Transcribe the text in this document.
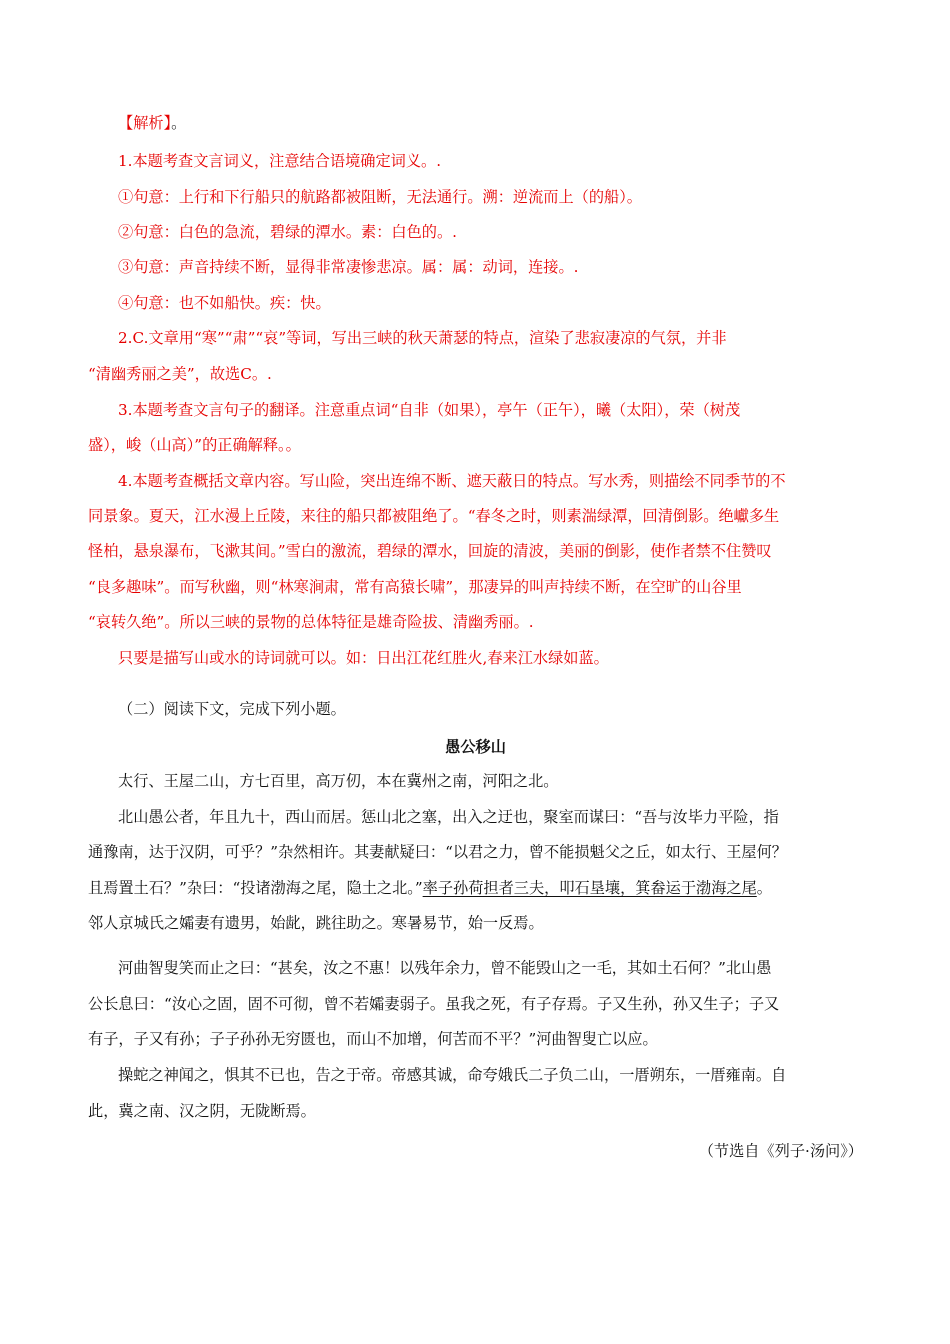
【解析】。
1.本题考查文言词义，注意结合语境确定词义。.
①句意：上行和下行船只的航路都被阻断，无法通行。溯：逆流而上（的船）。
②句意：白色的急流，碧绿的潭水。素：白色的。.
③句意：声音持续不断，显得非常凄惨悲凉。属：属：动词，连接。.
④句意：也不如船快。疾：快。
2.C.文章用“寒”“肃”“哀”等词，写出三峡的秋天萧瑟的特点，渲染了悲寂凄凉的气氛，并非
“清幽秀丽之美”，故选C。.
3.本题考查文言句子的翻译。注意重点词“自非（如果），亭午（正午），曦（太阳），荣（树茂
盛），峻（山高）”的正确解释。。
4.本题考查概括文章内容。写山险，突出连绵不断、遮天蔽日的特点。写水秀，则描绘不同季节的不
同景象。夏天，江水漫上丘陵，来往的船只都被阻绝了。“春冬之时，则素湍绿潭，回清倒影。绝巘多生
怪柏，悬泉瀑布，飞漱其间。”雪白的激流，碧绿的潭水，回旋的清波，美丽的倒影，使作者禁不住赞叹
“良多趣味”。而写秋幽，则“林寒涧肃，常有高猿长啸”，那凄异的叫声持续不断，在空旷的山谷里
“哀转久绝”。所以三峡的景物的总体特征是雄奇险拔、清幽秀丽。.
只要是描写山或水的诗词就可以。如：日出江花红胜火,春来江水绿如蓝。
（二）阅读下文，完成下列小题。
愚公移山
太行、王屋二山，方七百里，高万仞，本在冀州之南，河阳之北。
北山愚公者，年且九十，西山而居。惩山北之塞，出入之迂也，聚室而谋曰：“吾与汝毕力平险，指
通豫南，达于汉阴，可乎？”杂然相许。其妻献疑曰：“以君之力，曾不能损魁父之丘，如太行、王屋何？
且焉置土石？”杂曰：“投诸渤海之尾，隐土之北。”率子孙荷担者三夫，叩石垦壤，箕畚运于渤海之尾。
邻人京城氏之孀妻有遗男，始龀，跳往助之。寒暑易节，始一反焉。
河曲智叟笑而止之曰：“甚矣，汝之不惠！以残年余力，曾不能毁山之一毛，其如土石何？”北山愚
公长息曰：“汝心之固，固不可彻，曾不若孀妻弱子。虽我之死，有子存焉。子又生孙，孙又生子；子又
有子，子又有孙；子子孙孙无穷匮也，而山不加增，何苦而不平？”河曲智叟亡以应。
操蛇之神闻之，惧其不已也，告之于帝。帝感其诚，命夸娥氏二子负二山，一厝朔东，一厝雍南。自
此，冀之南、汉之阴，无陇断焉。
（节选自《列子·汤问》）
